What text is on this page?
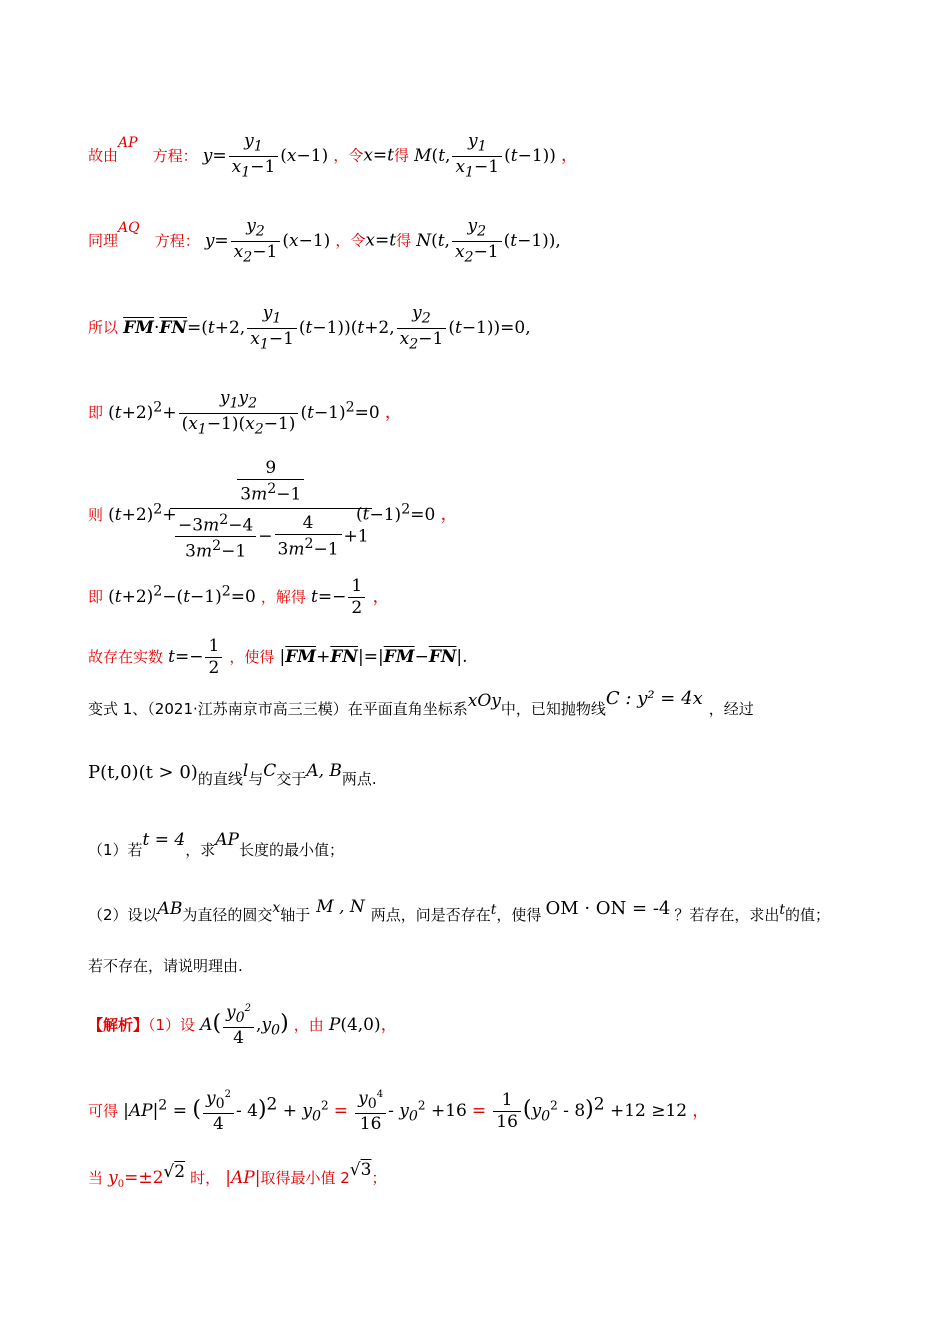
故由AP 方程： $y= \frac{y_1}{x_1-1} (x-1)$ ，令x=t得 M(t, $\frac{y_1}{x_1-1} (t-1)$) ，
同理AQ 方程： $y= \frac{y_2}{x_2-1} (x-1)$ ，令x=t得 N(t, $\frac{y_2}{x_2-1} (t-1)$),
所以 $\overline{FM}\cdot\overline{FN}=(t+2$, $\frac{y_1}{x_1-1} (t-1))(t+2$, $\frac{y_2}{x_2-1} (t-1))=0$,
即 $(t+2)^2+ \frac{y_1y_2}{(x_1-1)(x_2-1)} (t-1)^2=0$ ，
则 $(t+2)^2+$
$\frac{\frac{9}{3m^2-1}}{\frac{-3m^2-4}{3m^2-1} - \frac{4}{3m^2-1} +1}$
$(t-1)^2=0$ ，
即 $(t+2)^2-(t-1)^2=0$ ，解得 $t=- \frac{1}{2}$ ，
故存在实数 $t=- \frac{1}{2}$ ，使得 $|\overline{FM}+\overline{FN}|=|\overline{FM}-\overline{FN}|$.
变式 1、（2021·江苏南京市高三三模）在平面直角坐标系xOy中，已知抛物线C : y² = 4x ，经过
P(t,0)(t > 0)的直线l与C交于A, B两点.
（1）若t = 4，求AP长度的最小值；
（2）设以AB为直径的圆交x轴于 M , N 两点，问是否存在t，使得 OM · ON = -4 ？若存在，求出t的值；
若不存在，请说明理由.
【解析】（1）设 $A( \frac{y_0^2}{4} ,y_0)$ ，由 P(4,0)，
可得 $|AP|^2$ = ( $\frac{y_0^2}{4} - 4)^2 + y_0^2 = \frac{y_0^4}{16} - y_0^2 +16 = \frac{1}{16} (y_0^2 - 8)^2 +12 \ge 12$ ，
当 $y_0=\pm 2√2$ 时， |AP|取得最小值 2√3；
